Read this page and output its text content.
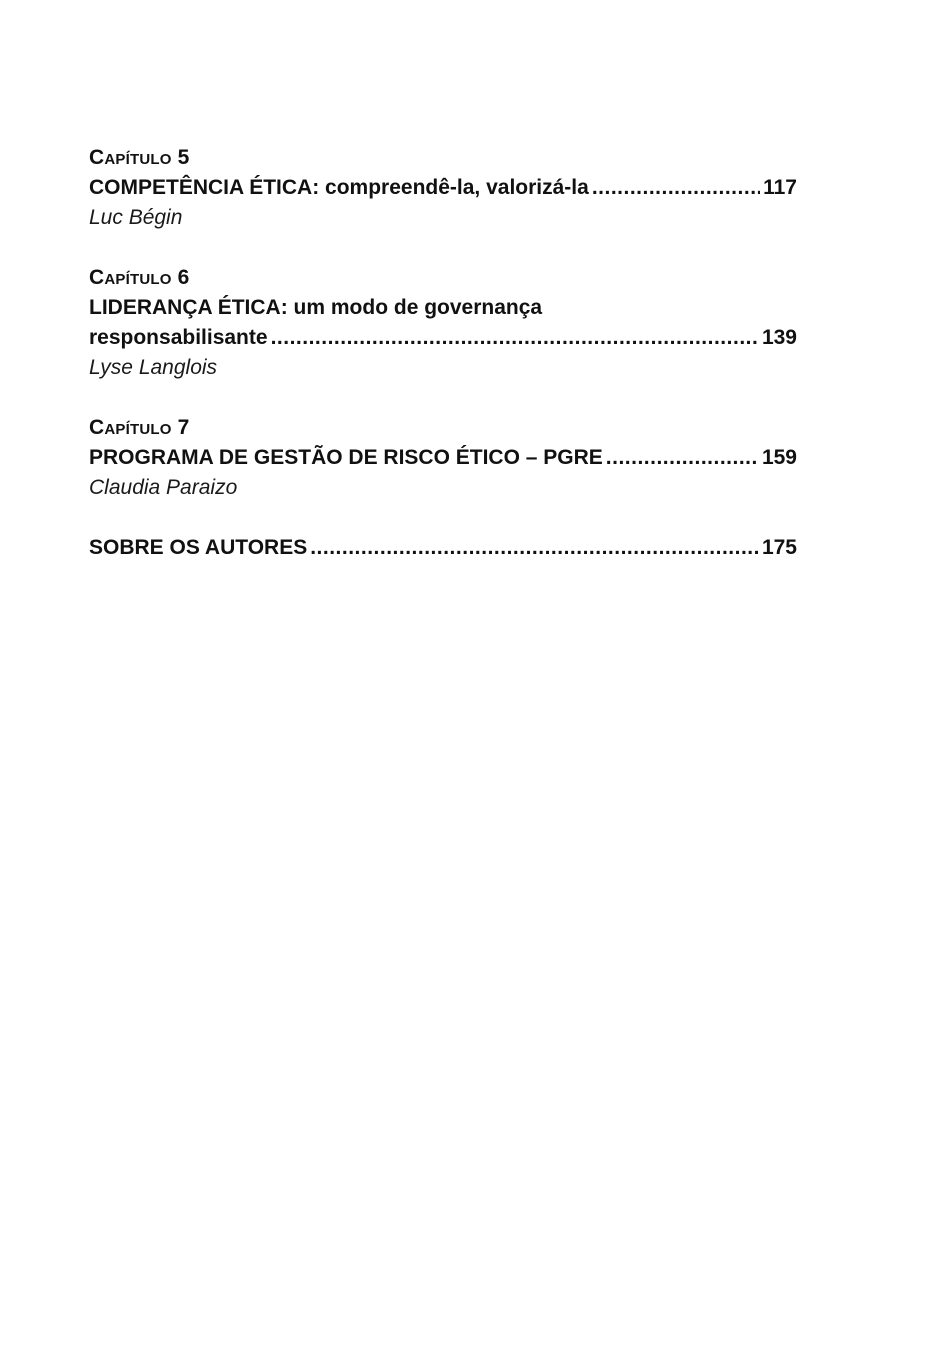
Capítulo 5
COMPETÊNCIA ÉTICA: compreendê-la, valorizá-la .....	117
Luc Bégin
Capítulo 6
LIDERANÇA ÉTICA: um modo de governança
responsabilisante .....	139
Lyse Langlois
Capítulo 7
PROGRAMA DE GESTÃO DE RISCO ÉTICO – PGRE .....	159
Claudia Paraizo
SOBRE OS AUTORES .....	175
